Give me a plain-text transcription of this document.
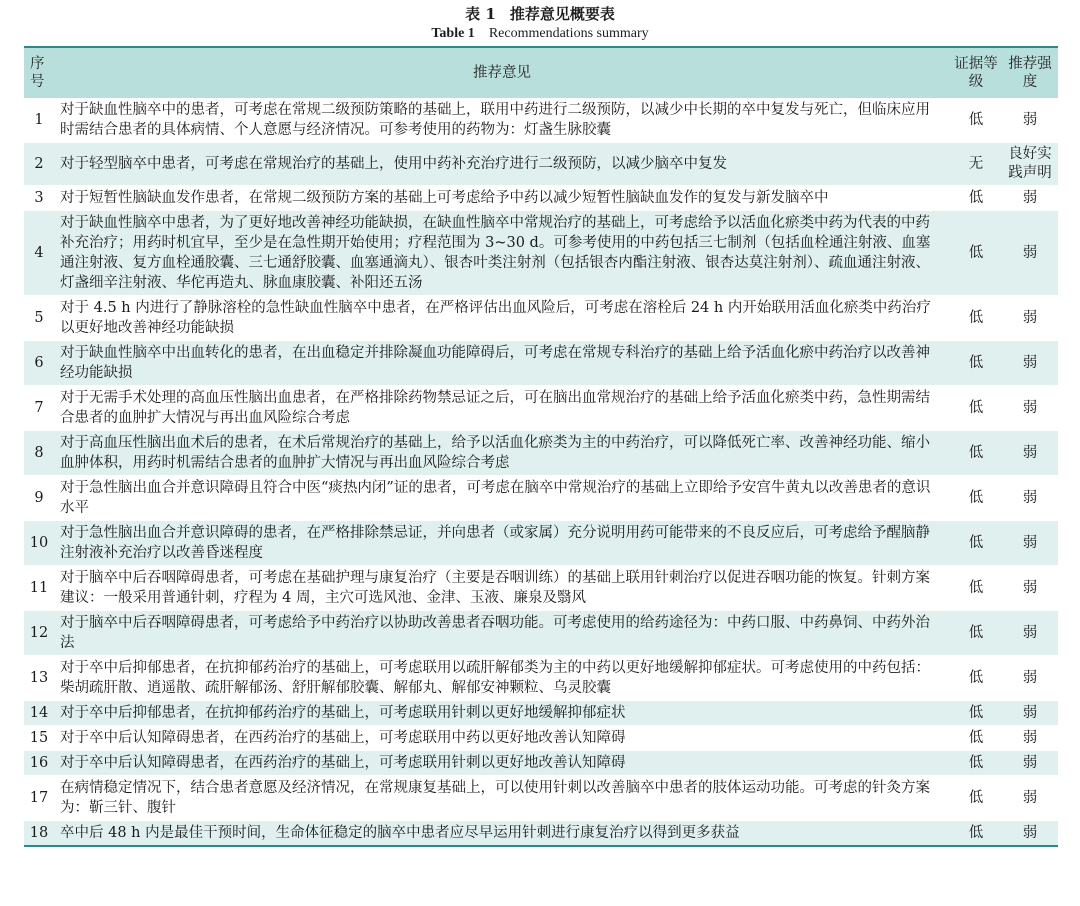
表 1 推荐意见概要表
Table 1 Recommendations summary
序号	推荐意见	证据等级	推荐强度
1	对于缺血性脑卒中的患者，可考虑在常规二级预防策略的基础上，联用中药进行二级预防，以减少中长期的卒中复发与死亡，但临床应用时需结合患者的具体病情、个人意愿与经济情况。可参考使用的药物为：灯盏生脉胶囊	低	弱
2	对于轻型脑卒中患者，可考虑在常规治疗的基础上，使用中药补充治疗进行二级预防，以减少脑卒中复发	无	良好实践声明
3	对于短暂性脑缺血发作患者，在常规二级预防方案的基础上可考虑给予中药以减少短暂性脑缺血发作的复发与新发脑卒中	低	弱
4	对于缺血性脑卒中患者，为了更好地改善神经功能缺损，在缺血性脑卒中常规治疗的基础上，可考虑给予以活血化瘀类中药为代表的中药补充治疗；用药时机宜早，至少是在急性期开始使用；疗程范围为 3~30 d。可参考使用的中药包括三七制剂（包括血栓通注射液、血塞通注射液、复方血栓通胶囊、三七通舒胶囊、血塞通滴丸）、银杏叶类注射剂（包括银杏内酯注射液、银杏达莫注射剂）、疏血通注射液、灯盏细辛注射液、华佗再造丸、脉血康胶囊、补阳还五汤	低	弱
5	对于 4.5 h 内进行了静脉溶栓的急性缺血性脑卒中患者，在严格评估出血风险后，可考虑在溶栓后 24 h 内开始联用活血化瘀类中药治疗以更好地改善神经功能缺损	低	弱
6	对于缺血性脑卒中出血转化的患者，在出血稳定并排除凝血功能障碍后，可考虑在常规专科治疗的基础上给予活血化瘀中药治疗以改善神经功能缺损	低	弱
7	对于无需手术处理的高血压性脑出血患者，在严格排除药物禁忌证之后，可在脑出血常规治疗的基础上给予活血化瘀类中药，急性期需结合患者的血肿扩大情况与再出血风险综合考虑	低	弱
8	对于高血压性脑出血术后的患者，在术后常规治疗的基础上，给予以活血化瘀类为主的中药治疗，可以降低死亡率、改善神经功能、缩小血肿体积，用药时机需结合患者的血肿扩大情况与再出血风险综合考虑	低	弱
9	对于急性脑出血合并意识障碍且符合中医“痰热内闭”证的患者，可考虑在脑卒中常规治疗的基础上立即给予安宫牛黄丸以改善患者的意识水平	低	弱
10	对于急性脑出血合并意识障碍的患者，在严格排除禁忌证，并向患者（或家属）充分说明用药可能带来的不良反应后，可考虑给予醒脑静注射液补充治疗以改善昏迷程度	低	弱
11	对于脑卒中后吞咽障碍患者，可考虑在基础护理与康复治疗（主要是吞咽训练）的基础上联用针刺治疗以促进吞咽功能的恢复。针刺方案建议：一般采用普通针刺，疗程为 4 周，主穴可选风池、金津、玉液、廉泉及翳风	低	弱
12	对于脑卒中后吞咽障碍患者，可考虑给予中药治疗以协助改善患者吞咽功能。可考虑使用的给药途径为：中药口服、中药鼻饲、中药外治法	低	弱
13	对于卒中后抑郁患者，在抗抑郁药治疗的基础上，可考虑联用以疏肝解郁类为主的中药以更好地缓解抑郁症状。可考虑使用的中药包括：柴胡疏肝散、逍遥散、疏肝解郁汤、舒肝解郁胶囊、解郁丸、解郁安神颗粒、乌灵胶囊	低	弱
14	对于卒中后抑郁患者，在抗抑郁药治疗的基础上，可考虑联用针刺以更好地缓解抑郁症状	低	弱
15	对于卒中后认知障碍患者，在西药治疗的基础上，可考虑联用中药以更好地改善认知障碍	低	弱
16	对于卒中后认知障碍患者，在西药治疗的基础上，可考虑联用针刺以更好地改善认知障碍	低	弱
17	在病情稳定情况下，结合患者意愿及经济情况，在常规康复基础上，可以使用针刺以改善脑卒中患者的肢体运动功能。可考虑的针灸方案为：靳三针、腹针	低	弱
18	卒中后 48 h 内是最佳干预时间，生命体征稳定的脑卒中患者应尽早运用针刺进行康复治疗以得到更多获益	低	弱
